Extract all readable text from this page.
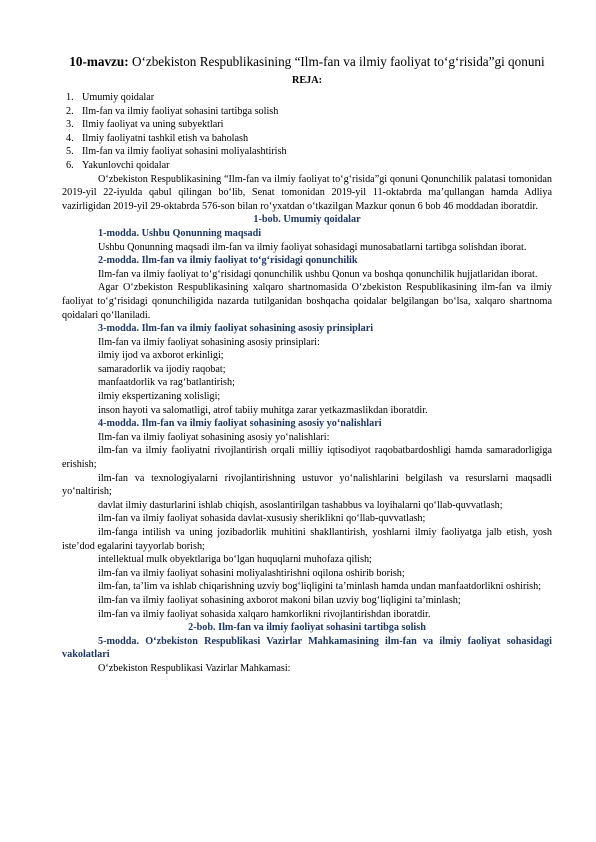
10-mavzu: O‘zbekiston Respublikasining “Ilm-fan va ilmiy faoliyat to‘g‘risida”gi qonuni
REJA:
1. Umumiy qoidalar
2. Ilm-fan va ilmiy faoliyat sohasini tartibga solish
3. Ilmiy faoliyat va uning subyektlari
4. Ilmiy faoliyatni tashkil etish va baholash
5. Ilm-fan va ilmiy faoliyat sohasini moliyalashtirish
6. Yakunlovchi qoidalar

O‘zbekiston Respublikasining “Ilm-fan va ilmiy faoliyat to‘g‘risida”gi qonuni Qonunchilik palatasi tomonidan 2019-yil 22-iyulda qabul qilingan bo‘lib, Senat tomonidan 2019-yil 11-oktabrda ma’qullangan hamda Adliya vazirligidan 2019-yil 29-oktabrda 576-son bilan ro‘yxatdan o‘tkazilgan Mazkur qonun 6 bob 46 moddadan iboratdir.

1-bob. Umumiy qoidalar

1-modda. Ushbu Qonunning maqsadi

Ushbu Qonunning maqsadi ilm-fan va ilmiy faoliyat sohasidagi munosabatlarni tartibga solishdan iborat.

2-modda. Ilm-fan va ilmiy faoliyat to‘g‘risidagi qonunchilik

Ilm-fan va ilmiy faoliyat to‘g‘risidagi qonunchilik ushbu Qonun va boshqa qonunchilik hujjatlaridan iborat.

Agar O‘zbekiston Respublikasining xalqaro shartnomasida O‘zbekiston Respublikasining ilm-fan va ilmiy faoliyat to‘g‘risidagi qonunchiligida nazarda tutilganidan boshqacha qoidalar belgilangan bo‘lsa, xalqaro shartnoma qoidalari qo‘llaniladi.

3-modda. Ilm-fan va ilmiy faoliyat sohasining asosiy prinsiplari

Ilm-fan va ilmiy faoliyat sohasining asosiy prinsiplari:

ilmiy ijod va axborot erkinligi;

samaradorlik va ijodiy raqobat;

manfaatdorlik va rag‘batlantirish;

ilmiy ekspertizaning xolisligi;

inson hayoti va salomatligi, atrof tabiiy muhitga zarar yetkazmaslikdan iboratdir.

4-modda. Ilm-fan va ilmiy faoliyat sohasining asosiy yo‘nalishlari

Ilm-fan va ilmiy faoliyat sohasining asosiy yo‘nalishlari:

ilm-fan va ilmiy faoliyatni rivojlantirish orqali milliy iqtisodiyot raqobatbardoshligi hamda samaradorligiga erishish;

ilm-fan va texnologiyalarni rivojlantirishning ustuvor yo‘nalishlarini belgilash va resurslarni maqsadli yo‘naltirish;

davlat ilmiy dasturlarini ishlab chiqish, asoslantirilgan tashabbus va loyihalarni qo‘llab-quvvatlash;

ilm-fan va ilmiy faoliyat sohasida davlat-xususiy sheriklikni qo‘llab-quvvatlash;

ilm-fanga intilish va uning jozibadorlik muhitini shakllantirish, yoshlarni ilmiy faoliyatga jalb etish, yosh iste’dod egalarini tayyorlab borish;

intellektual mulk obyektlariga bo‘lgan huquqlarni muhofaza qilish;

ilm-fan va ilmiy faoliyat sohasini moliyalashtirishni oqilona oshirib borish;

ilm-fan, ta’lim va ishlab chiqarishning uzviy bog‘liqligini ta’minlash hamda undan manfaatdorlikni oshirish;

ilm-fan va ilmiy faoliyat sohasining axborot makoni bilan uzviy bog‘liqligini ta’minlash;

ilm-fan va ilmiy faoliyat sohasida xalqaro hamkorlikni rivojlantirishdan iboratdir.

2-bob. Ilm-fan va ilmiy faoliyat sohasini tartibga solish

5-modda. O‘zbekiston Respublikasi Vazirlar Mahkamasining ilm-fan va ilmiy faoliyat sohasidagi vakolatlari

O‘zbekiston Respublikasi Vazirlar Mahkamasi:
